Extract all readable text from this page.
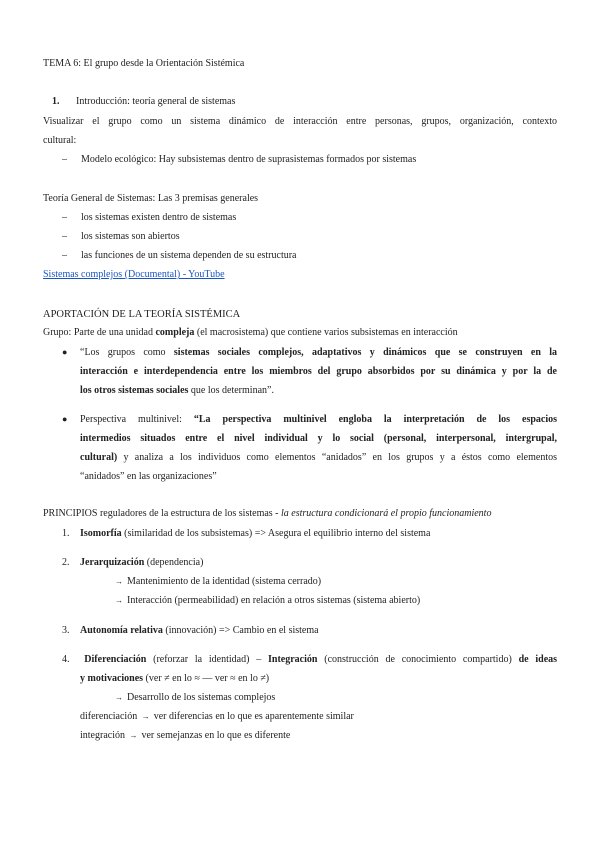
TEMA 6: El grupo desde la Orientación Sistémica

1. Introducción: teoría general de sistemas

Visualizar el grupo como un sistema dinámico de interacción entre personas, grupos, organización, contexto

cultural:

– Modelo ecológico: Hay subsistemas dentro de suprasistemas formados por sistemas

Teoría General de Sistemas: Las 3 premisas generales

– los sistemas existen dentro de sistemas
– los sistemas son abiertos
– las funciones de un sistema dependen de su estructura

Sistemas complejos (Documental) - YouTube

APORTACIÓN DE LA TEORÍA SISTÉMICA

Grupo: Parte de una unidad compleja (el macrosistema) que contiene varios subsistemas en interacción

● “Los grupos como sistemas sociales complejos, adaptativos y dinámicos que se construyen en la

interacción e interdependencia entre los miembros del grupo absorbidos por su dinámica y por la de

los otros sistemas sociales que los determinan”.

● Perspectiva multinivel: “La perspectiva multinivel engloba la interpretación de los espacios

intermedios situados entre el nivel individual y lo social (personal, interpersonal, intergrupal,

cultural) y analiza a los individuos como elementos “anidados” en los grupos y a éstos como elementos

“anidados” en las organizaciones”

PRINCIPIOS reguladores de la estructura de los sistemas - la estructura condicionará el propio funcionamiento

1. Isomorfía (similaridad de los subsistemas) => Asegura el equilibrio interno del sistema

2. Jerarquización (dependencia)

→ Mantenimiento de la identidad (sistema cerrado)

→ Interacción (permeabilidad) en relación a otros sistemas (sistema abierto)

3. Autonomía relativa (innovación) => Cambio en el sistema

4. Diferenciación (reforzar la identidad) – Integración (construcción de conocimiento compartido) de ideas

y motivaciones (ver ≠ en lo ≈ — ver ≈ en lo ≠)

→ Desarrollo de los sistemas complejos

diferenciación → ver diferencias en lo que es aparentemente similar

integración → ver semejanzas en lo que es diferente
